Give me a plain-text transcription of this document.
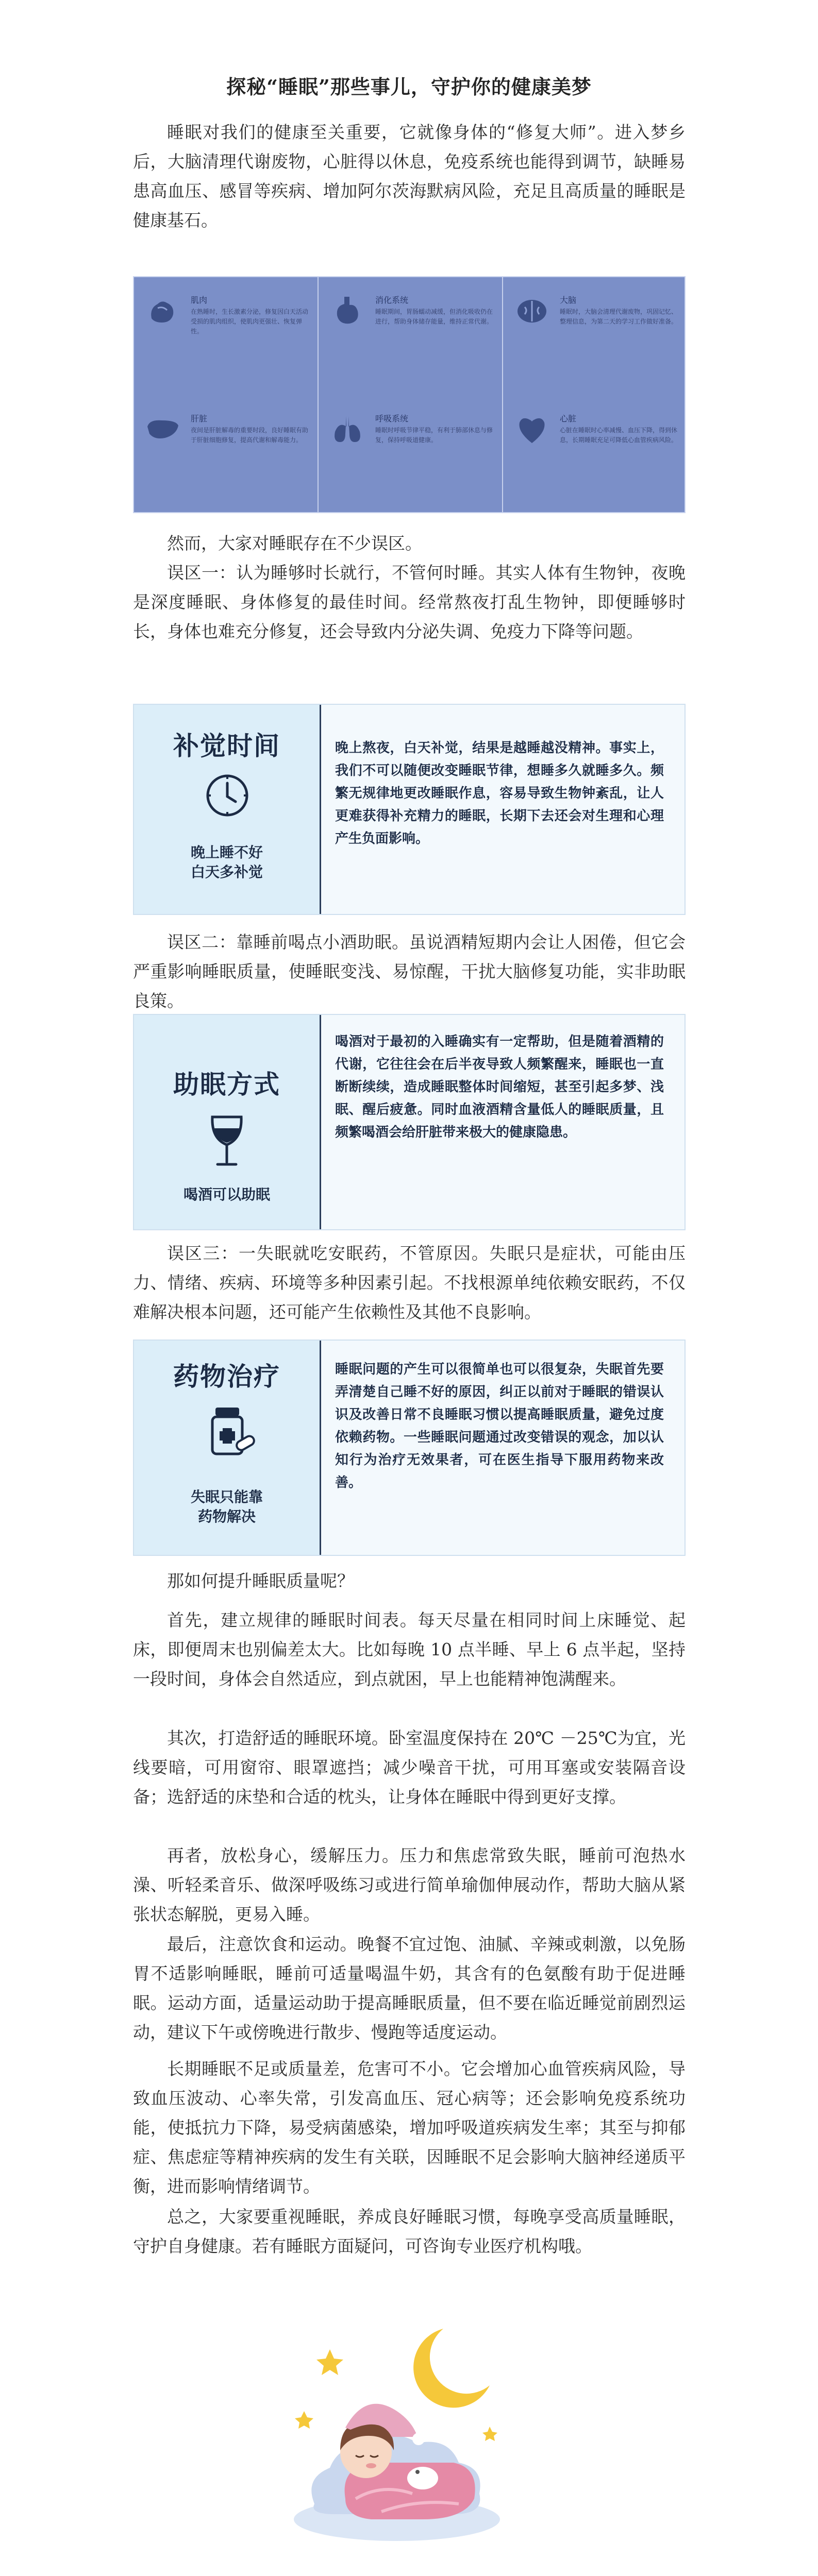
探秘“睡眠”那些事儿，守护你的健康美梦

睡眠对我们的健康至关重要，它就像身体的“修复大师”。进入梦乡后，大脑清理代谢废物，心脏得以休息，免疫系统也能得到调节，缺睡易患高血压、感冒等疾病、增加阿尔茨海默病风险，充足且高质量的睡眠是健康基石。

肌肉
在熟睡时，生长激素分泌，修复因白天活动受损的肌肉组织，使肌肉更强壮、恢复弹性。
消化系统
睡眠期间，胃肠蠕动减缓，但消化吸收仍在进行，帮助身体储存能量，维持正常代谢。
大脑
睡眠时，大脑会清理代谢废物，巩固记忆、整理信息，为第二天的学习工作做好准备。
肝脏
夜间是肝脏解毒的重要时段，良好睡眠有助于肝脏细胞修复，提高代谢和解毒能力。
呼吸系统
睡眠时呼吸节律平稳，有利于肺部休息与修复，保持呼吸道健康。
心脏
心脏在睡眠时心率减慢、血压下降，得到休息，长期睡眠充足可降低心血管疾病风险。

然而，大家对睡眠存在不少误区。

误区一：认为睡够时长就行，不管何时睡。其实人体有生物钟，夜晚是深度睡眠、身体修复的最佳时间。经常熬夜打乱生物钟，即便睡够时长，身体也难充分修复，还会导致内分泌失调、免疫力下降等问题。

补觉时间
晚上睡不好
白天多补觉
晚上熬夜，白天补觉，结果是越睡越没精神。事实上，我们不可以随便改变睡眠节律，想睡多久就睡多久。频繁无规律地更改睡眠作息，容易导致生物钟紊乱，让人更难获得补充精力的睡眠，长期下去还会对生理和心理产生负面影响。

误区二：靠睡前喝点小酒助眠。虽说酒精短期内会让人困倦，但它会严重影响睡眠质量，使睡眠变浅、易惊醒，干扰大脑修复功能，实非助眠良策。

助眠方式
喝酒可以助眠
喝酒对于最初的入睡确实有一定帮助，但是随着酒精的代谢，它往往会在后半夜导致人频繁醒来，睡眠也一直断断续续，造成睡眠整体时间缩短，甚至引起多梦、浅眠、醒后疲惫。同时血液酒精含量低人的睡眠质量，且频繁喝酒会给肝脏带来极大的健康隐患。

误区三：一失眠就吃安眠药，不管原因。失眠只是症状，可能由压力、情绪、疾病、环境等多种因素引起。不找根源单纯依赖安眠药，不仅难解决根本问题，还可能产生依赖性及其他不良影响。

药物治疗
失眠只能靠
药物解决
睡眠问题的产生可以很简单也可以很复杂，失眠首先要弄清楚自己睡不好的原因，纠正以前对于睡眠的错误认识及改善日常不良睡眠习惯以提高睡眠质量，避免过度依赖药物。一些睡眠问题通过改变错误的观念，加以认知行为治疗无效果者，可在医生指导下服用药物来改善。

那如何提升睡眠质量呢？

首先，建立规律的睡眠时间表。每天尽量在相同时间上床睡觉、起床，即便周末也别偏差太大。比如每晚 10 点半睡、早上 6 点半起，坚持一段时间，身体会自然适应，到点就困，早上也能精神饱满醒来。

其次，打造舒适的睡眠环境。卧室温度保持在 20℃ －25℃为宜，光线要暗，可用窗帘、眼罩遮挡；减少噪音干扰，可用耳塞或安装隔音设备；选舒适的床垫和合适的枕头，让身体在睡眠中得到更好支撑。

再者，放松身心，缓解压力。压力和焦虑常致失眠，睡前可泡热水澡、听轻柔音乐、做深呼吸练习或进行简单瑜伽伸展动作，帮助大脑从紧张状态解脱，更易入睡。

最后，注意饮食和运动。晚餐不宜过饱、油腻、辛辣或刺激，以免肠胃不适影响睡眠，睡前可适量喝温牛奶，其含有的色氨酸有助于促进睡眠。运动方面，适量运动助于提高睡眠质量，但不要在临近睡觉前剧烈运动，建议下午或傍晚进行散步、慢跑等适度运动。

长期睡眠不足或质量差，危害可不小。它会增加心血管疾病风险，导致血压波动、心率失常，引发高血压、冠心病等；还会影响免疫系统功能，使抵抗力下降，易受病菌感染，增加呼吸道疾病发生率；其至与抑郁症、焦虑症等精神疾病的发生有关联，因睡眠不足会影响大脑神经递质平衡，进而影响情绪调节。

总之，大家要重视睡眠，养成良好睡眠习惯，每晚享受高质量睡眠，守护自身健康。若有睡眠方面疑问，可咨询专业医疗机构哦。
